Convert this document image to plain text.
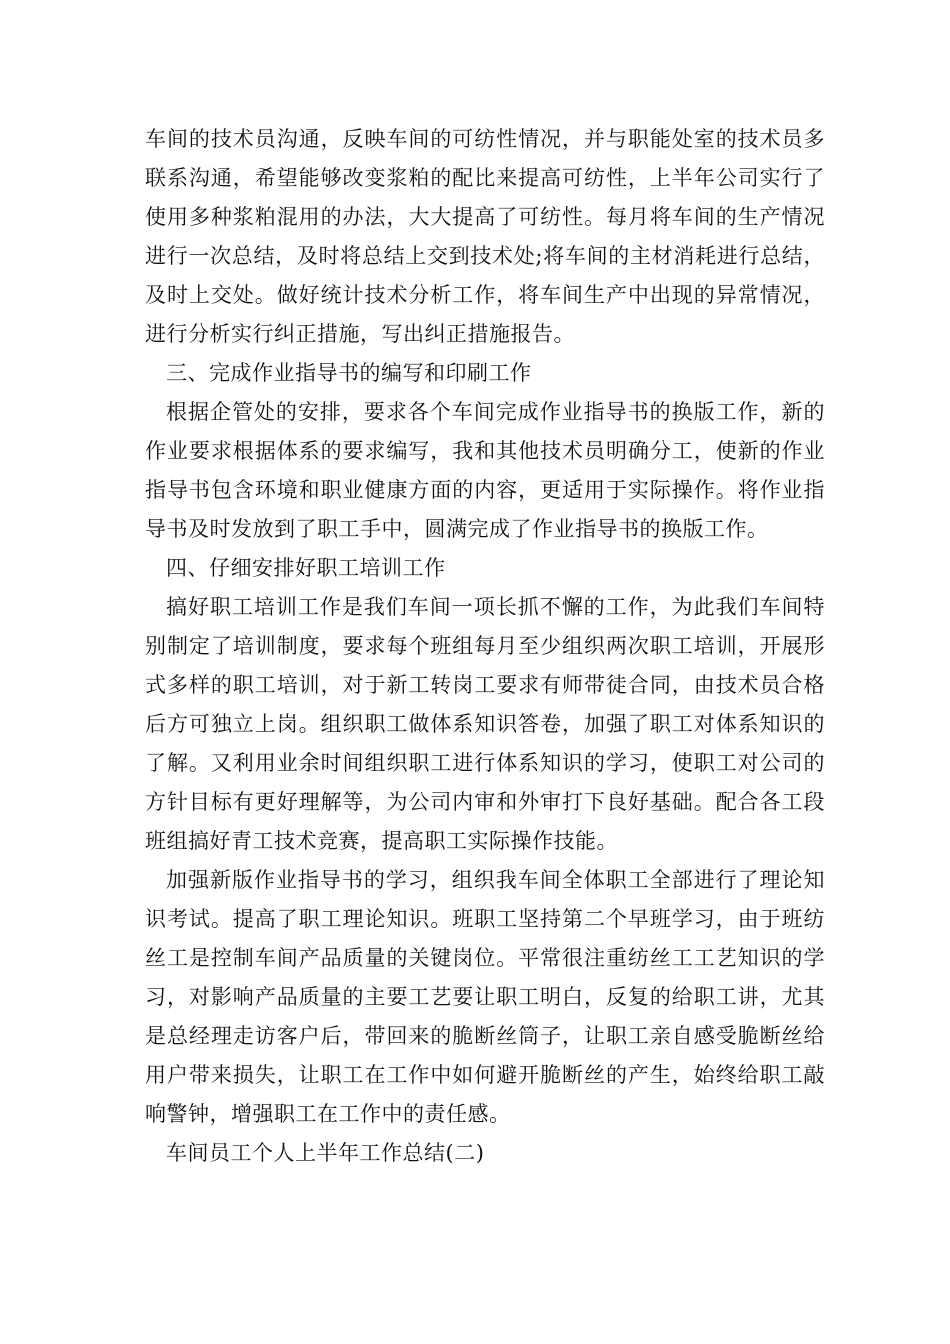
车间的技术员沟通，反映车间的可纺性情况，并与职能处室的技术员多联系沟通，希望能够改变浆粕的配比来提高可纺性，上半年公司实行了使用多种浆粕混用的办法，大大提高了可纺性。每月将车间的生产情况进行一次总结，及时将总结上交到技术处;将车间的主材消耗进行总结，及时上交处。做好统计技术分析工作，将车间生产中出现的异常情况，进行分析实行纠正措施，写出纠正措施报告。

三、完成作业指导书的编写和印刷工作

根据企管处的安排，要求各个车间完成作业指导书的换版工作，新的作业要求根据体系的要求编写，我和其他技术员明确分工，使新的作业指导书包含环境和职业健康方面的内容，更适用于实际操作。将作业指导书及时发放到了职工手中，圆满完成了作业指导书的换版工作。

四、仔细安排好职工培训工作

搞好职工培训工作是我们车间一项长抓不懈的工作，为此我们车间特别制定了培训制度，要求每个班组每月至少组织两次职工培训，开展形式多样的职工培训，对于新工转岗工要求有师带徒合同，由技术员合格后方可独立上岗。组织职工做体系知识答卷，加强了职工对体系知识的了解。又利用业余时间组织职工进行体系知识的学习，使职工对公司的方针目标有更好理解等，为公司内审和外审打下良好基础。配合各工段班组搞好青工技术竞赛，提高职工实际操作技能。

加强新版作业指导书的学习，组织我车间全体职工全部进行了理论知识考试。提高了职工理论知识。班职工坚持第二个早班学习，由于班纺丝工是控制车间产品质量的关键岗位。平常很注重纺丝工工艺知识的学习，对影响产品质量的主要工艺要让职工明白，反复的给职工讲，尤其是总经理走访客户后，带回来的脆断丝筒子，让职工亲自感受脆断丝给用户带来损失，让职工在工作中如何避开脆断丝的产生，始终给职工敲响警钟，增强职工在工作中的责任感。

车间员工个人上半年工作总结(二)
